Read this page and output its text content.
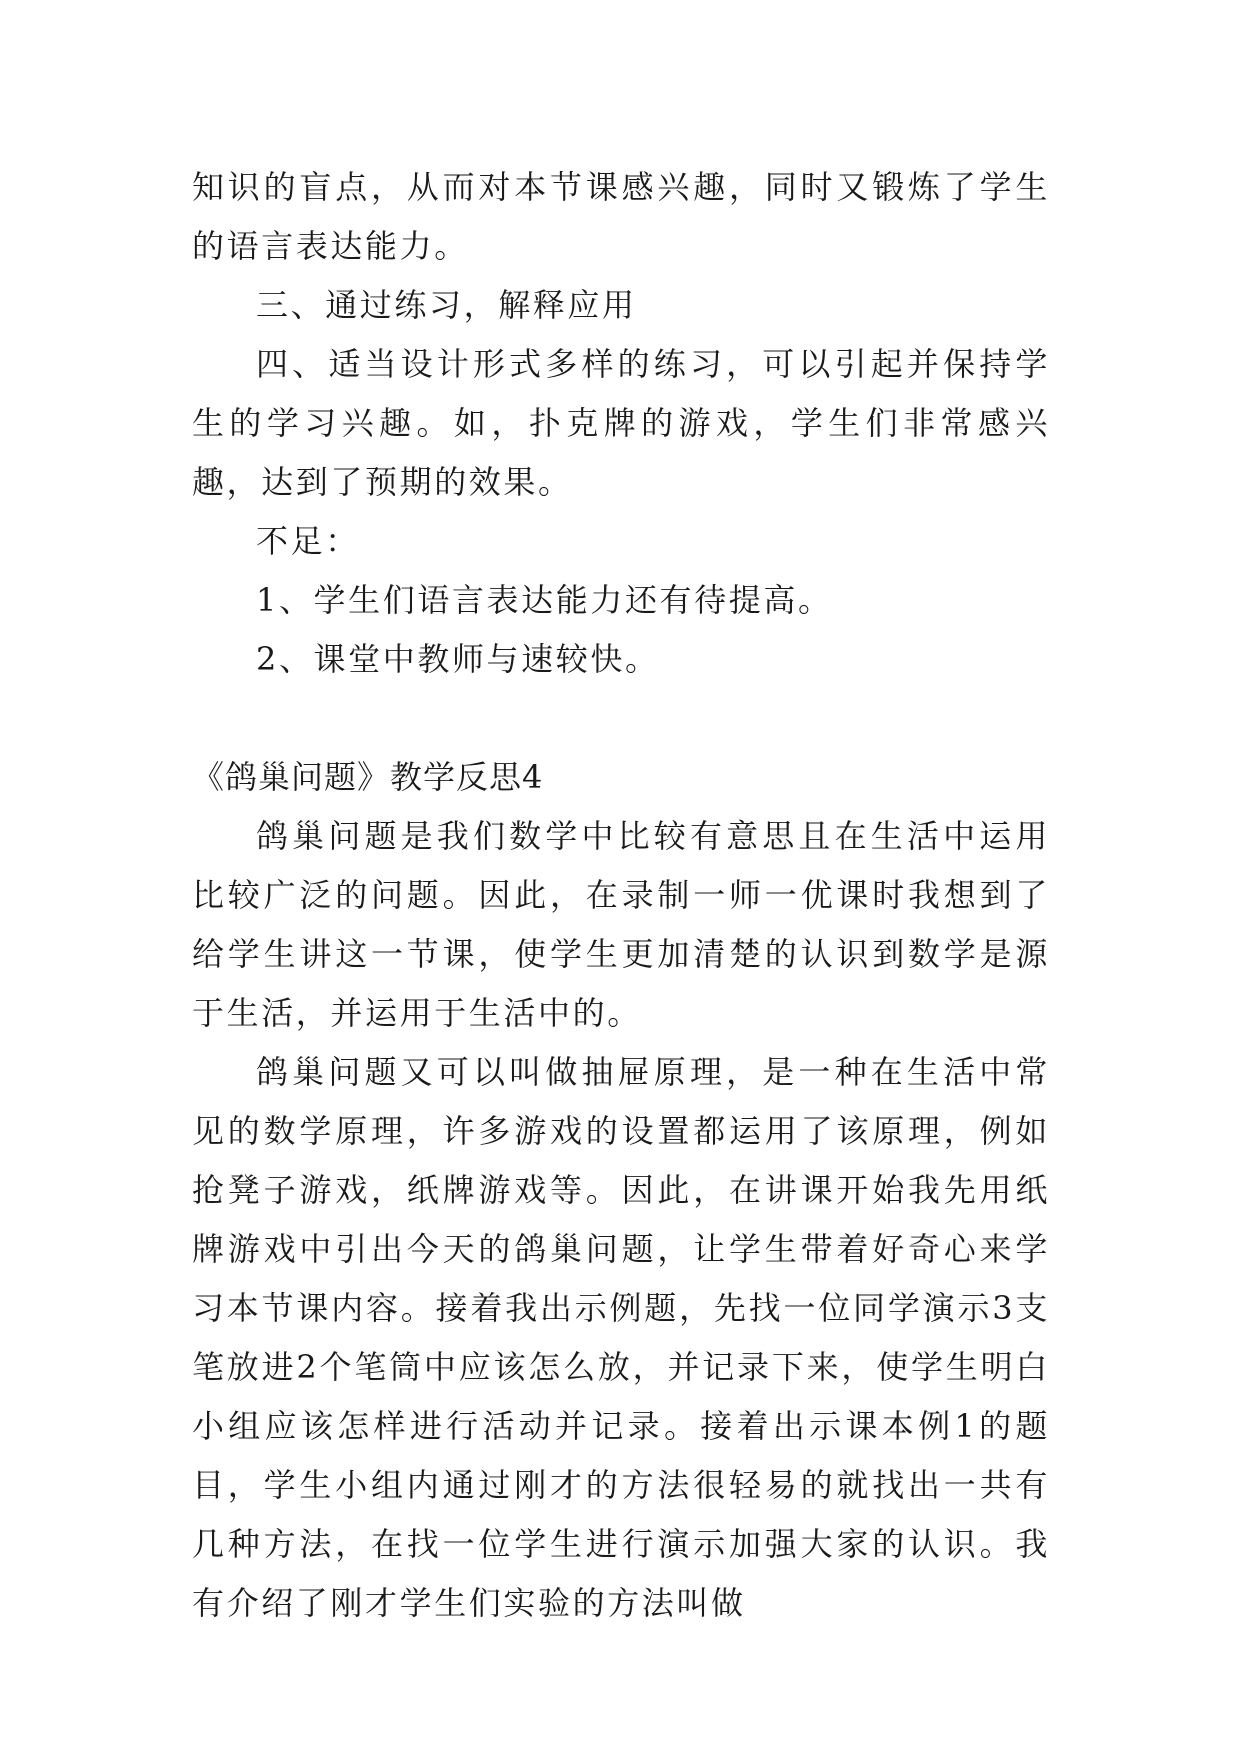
知识的盲点，从而对本节课感兴趣，同时又锻炼了学生的语言表达能力。

三、通过练习，解释应用

四、适当设计形式多样的练习，可以引起并保持学生的学习兴趣。如，扑克牌的游戏，学生们非常感兴趣，达到了预期的效果。

不足：

1、学生们语言表达能力还有待提高。

2、课堂中教师与速较快。

《鸽巢问题》教学反思4

鸽巢问题是我们数学中比较有意思且在生活中运用比较广泛的问题。因此，在录制一师一优课时我想到了给学生讲这一节课，使学生更加清楚的认识到数学是源于生活，并运用于生活中的。

鸽巢问题又可以叫做抽屉原理，是一种在生活中常见的数学原理，许多游戏的设置都运用了该原理，例如抢凳子游戏，纸牌游戏等。因此，在讲课开始我先用纸牌游戏中引出今天的鸽巢问题，让学生带着好奇心来学习本节课内容。接着我出示例题，先找一位同学演示3支笔放进2个笔筒中应该怎么放，并记录下来，使学生明白小组应该怎样进行活动并记录。接着出示课本例1的题目，学生小组内通过刚才的方法很轻易的就找出一共有几种方法，在找一位学生进行演示加强大家的认识。我有介绍了刚才学生们实验的方法叫做
